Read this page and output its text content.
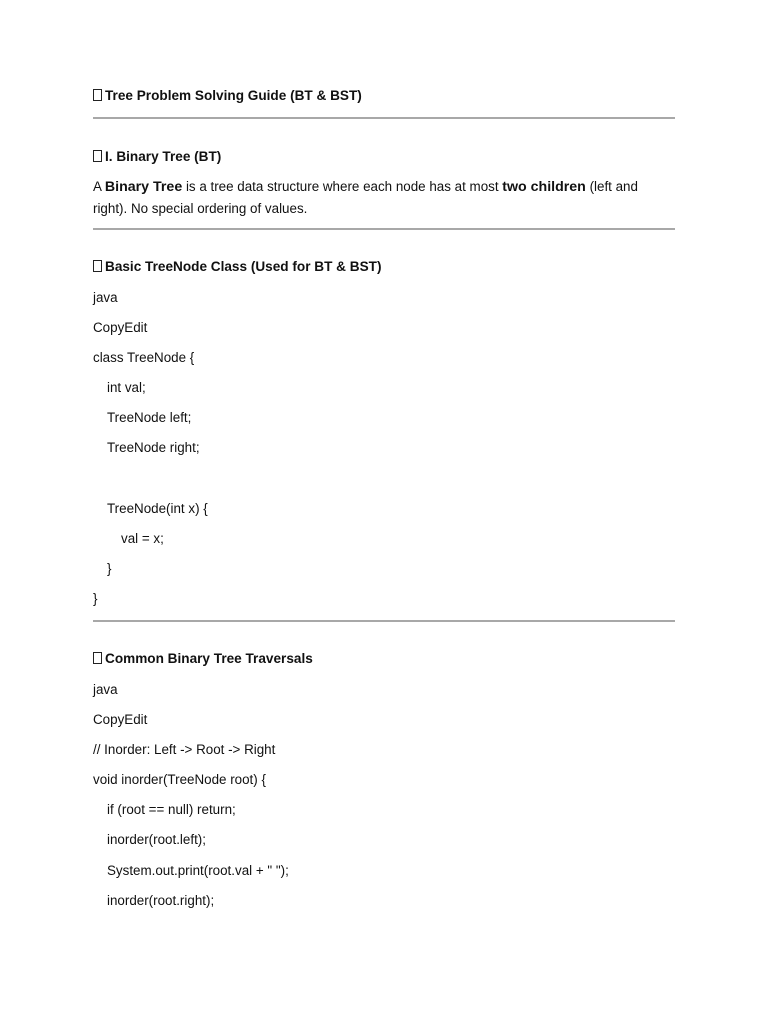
Tree Problem Solving Guide (BT & BST)
I. Binary Tree (BT)
A Binary Tree is a tree data structure where each node has at most two children (left and right). No special ordering of values.
Basic TreeNode Class (Used for BT & BST)
java
CopyEdit
class TreeNode {
int val;
TreeNode left;
TreeNode right;
TreeNode(int x) {
val = x;
}
}
Common Binary Tree Traversals
java
CopyEdit
// Inorder: Left -> Root -> Right
void inorder(TreeNode root) {
if (root == null) return;
inorder(root.left);
System.out.print(root.val + " ");
inorder(root.right);
